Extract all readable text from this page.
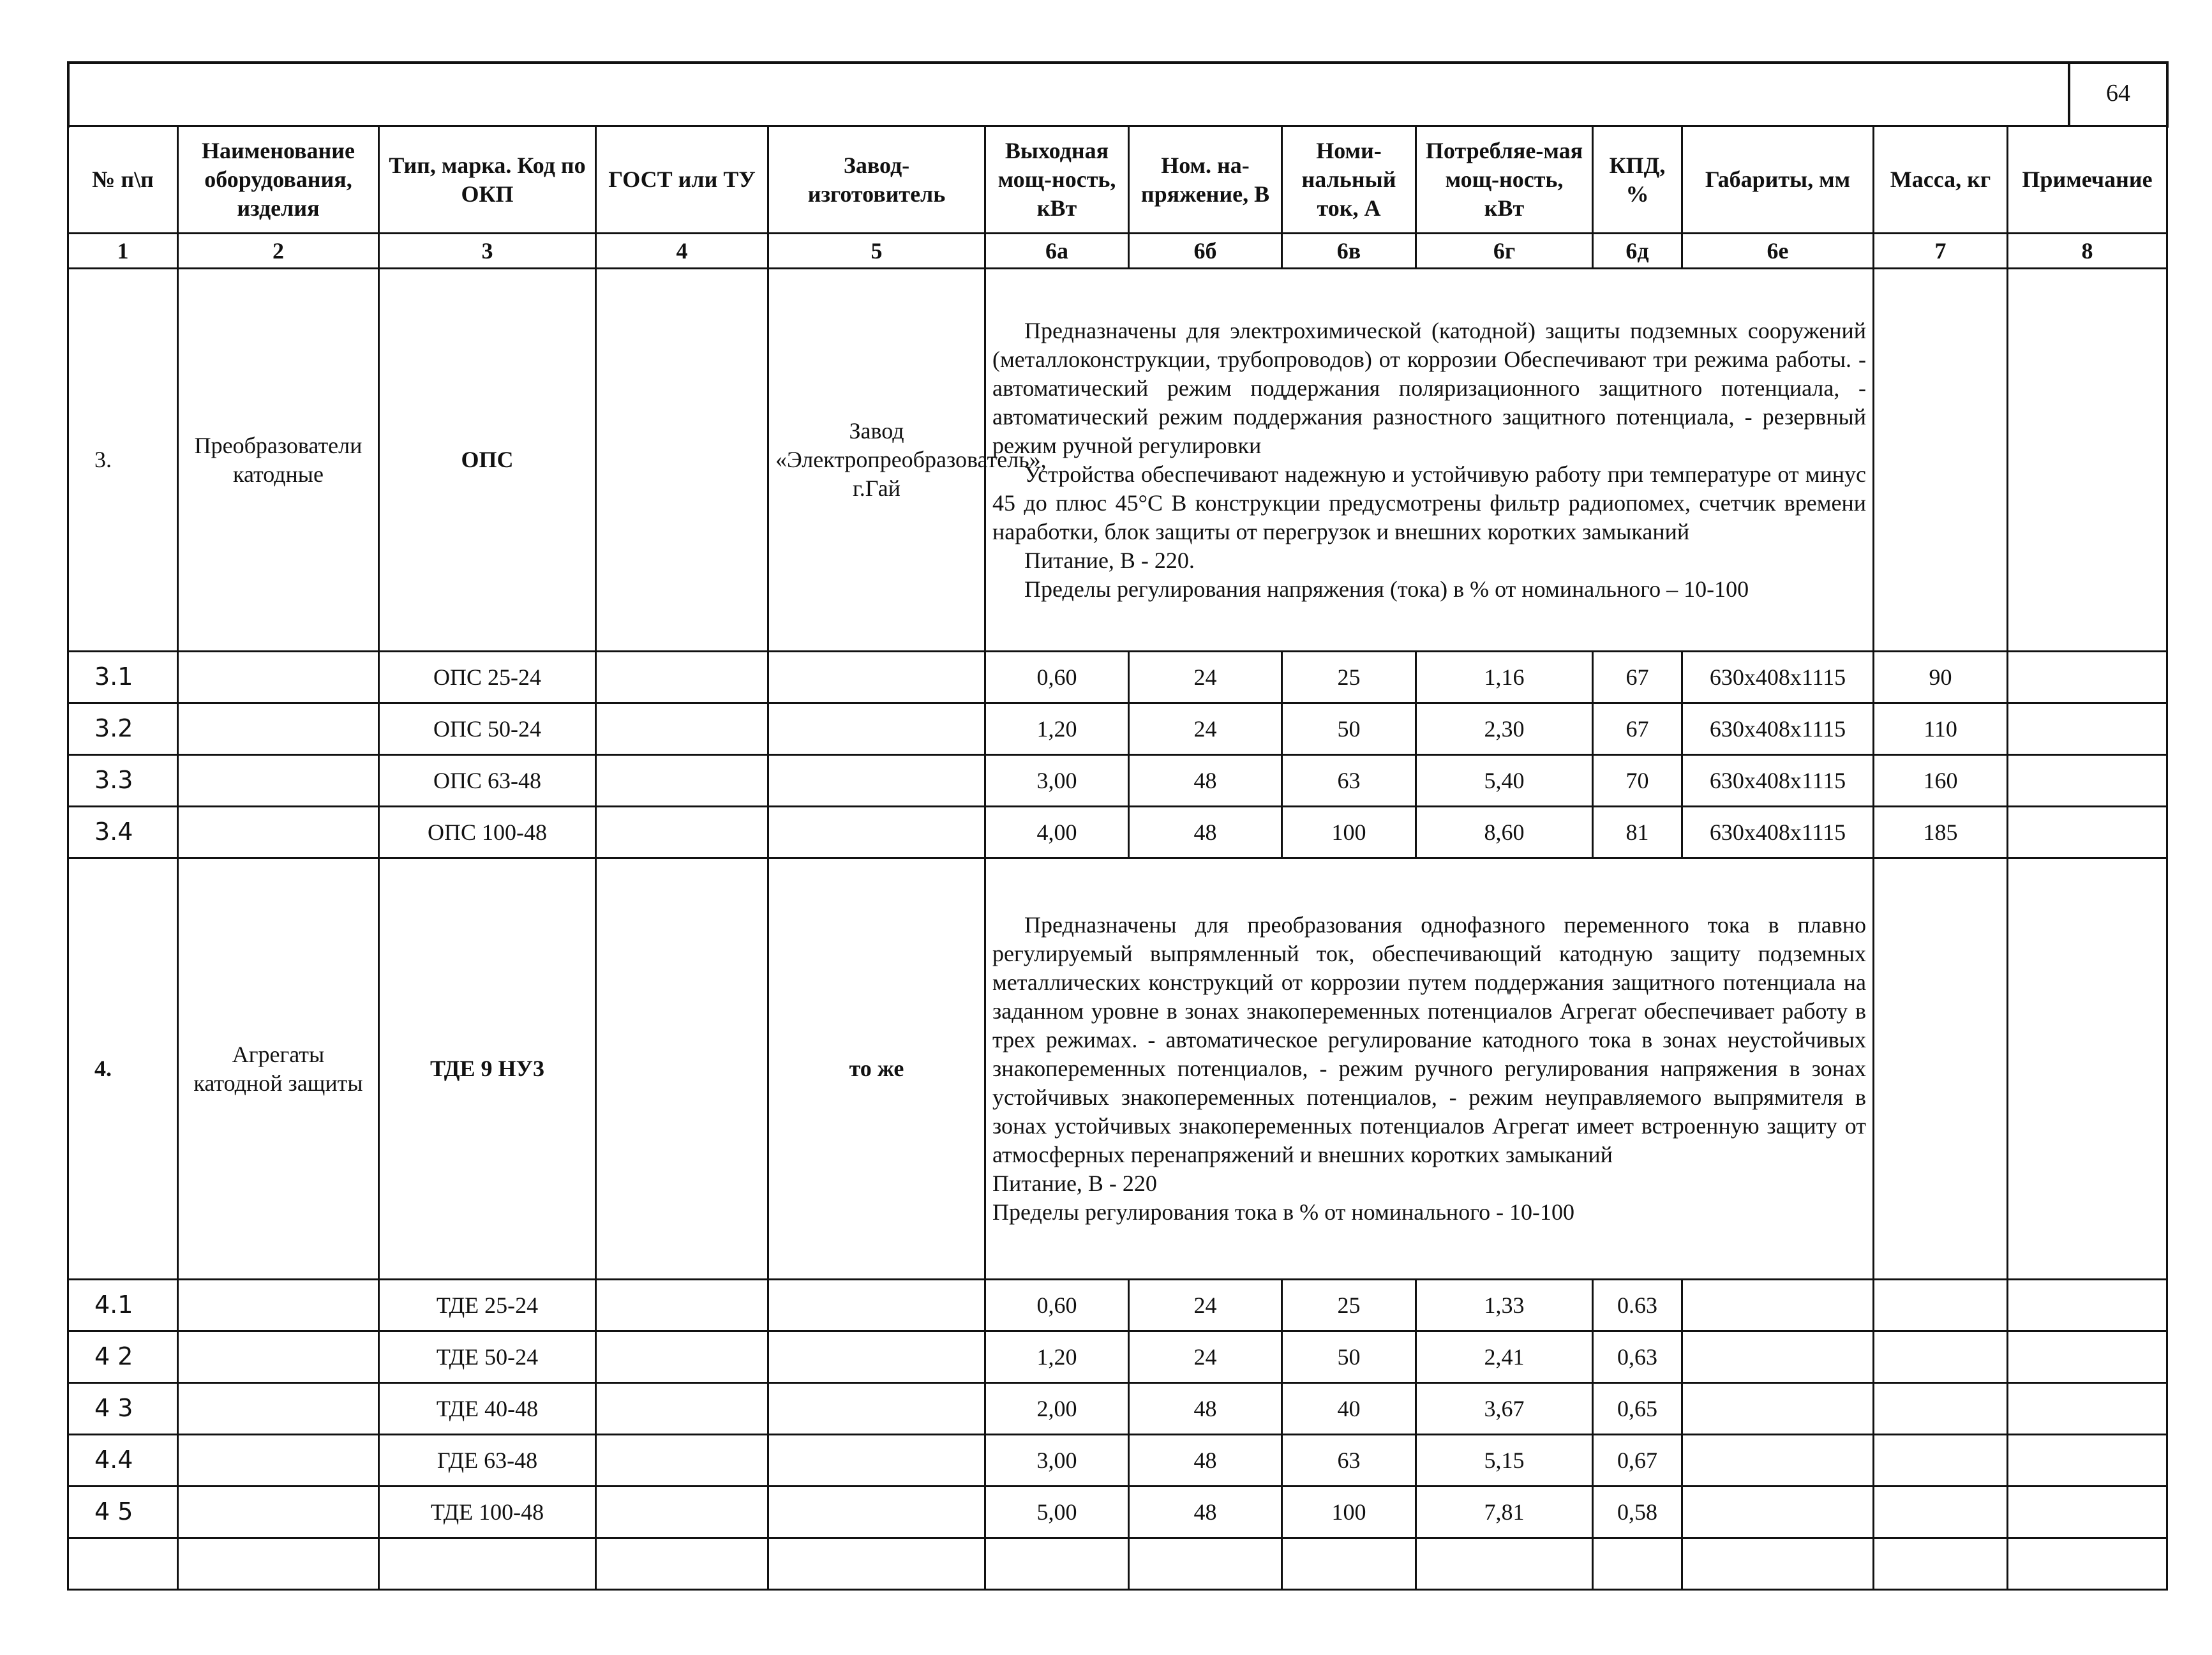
64
№ п\п	Наименование оборудования, изделия	Тип, марка. Код по ОКП	ГОСТ или ТУ	Завод-изготовитель	Выходная мощ-ность, кВт	Ном. на-пряжение, В	Номи-нальный ток, А	Потребляе-мая мощ-ность, кВт	КПД, %	Габариты, мм	Масса, кг	Примечание
1	2	3	4	5	6а	6б	6в	6г	6д	6е	7	8
3.	Преобразователи катодные	ОПС		Завод «Электропреобразователь», г.Гай	Предназначены для электрохимической (катодной) защиты подземных сооружений (металлоконструкции, трубопроводов) от коррозии Обеспечивают три режима работы. - автоматический режим поддержания поляризационного защитного потенциала, - автоматический режим поддержания разностного защитного потенциала, - резервный режим ручной регулировки

Устройства обеспечивают надежную и устойчивую работу при температуре от минус 45 до плюс 45°С В конструкции предусмотрены фильтр радиопомех, счетчик времени наработки, блок защиты от перегрузок и внешних коротких замыканий

Питание, В - 220.

Пределы регулирования напряжения (тока) в % от номинального – 10-100							

3.1		ОПС 25-24			0,60	24	25	1,16	67	630x408x1115	90	
3.2		ОПС 50-24			1,20	24	50	2,30	67	630x408x1115	110	
3.3		ОПС 63-48			3,00	48	63	5,40	70	630x408x1115	160	
3.4		ОПС 100-48			4,00	48	100	8,60	81	630x408x1115	185	
4.	Агрегаты катодной защиты	ТДЕ 9 НУ3		то же	Предназначены для преобразования однофазного переменного тока в плавно регулируемый выпрямленный ток, обеспечивающий катодную защиту подземных металлических конструкций от коррозии путем поддержания защитного потенциала на заданном уровне в зонах знакопеременных потенциалов Агрегат обеспечивает работу в трех режимах. - автоматическое регулирование катодного тока в зонах неустойчивых знакопеременных потенциалов, - режим ручного регулирования напряжения в зонах устойчивых знакопеременных потенциалов, - режим неуправляемого выпрямителя в зонах устойчивых знакопеременных потенциалов Агрегат имеет встроенную защиту от атмосферных перенапряжений и внешних коротких замыканий

Питание, В - 220

Пределы регулирования тока в % от номинального - 10-100							

4.1		ТДЕ 25-24			0,60	24	25	1,33	0.63			
4 2		ТДЕ 50-24			1,20	24	50	2,41	0,63			
4 3		ТДЕ 40-48			2,00	48	40	3,67	0,65			
4.4		ГДЕ 63-48			3,00	48	63	5,15	0,67			
4 5		ТДЕ 100-48			5,00	48	100	7,81	0,58			
